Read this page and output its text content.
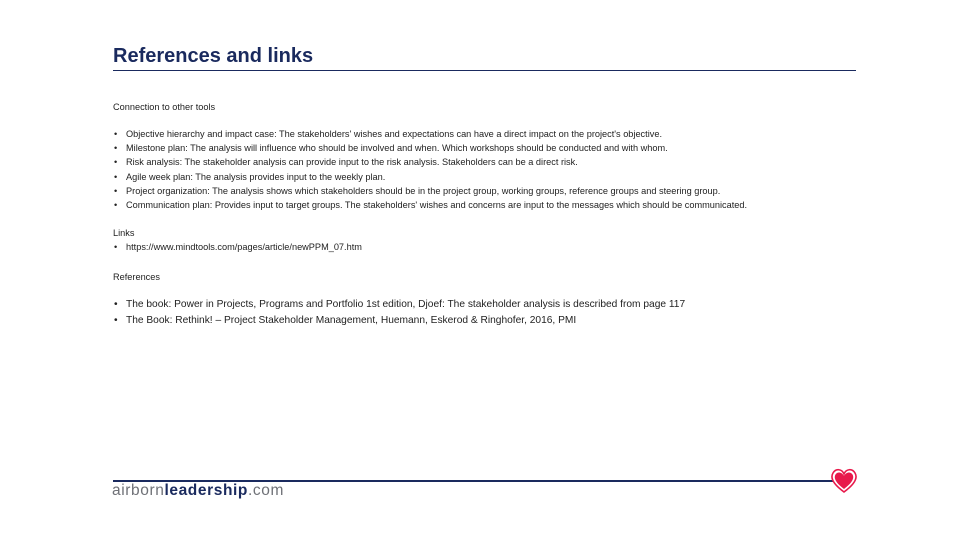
References and links
Connection to other tools
• Objective hierarchy and impact case: The stakeholders' wishes and expectations can have a direct impact on the project's objective.
• Milestone plan: The analysis will influence who should be involved and when. Which workshops should be conducted and with whom.
• Risk analysis: The stakeholder analysis can provide input to the risk analysis. Stakeholders can be a direct risk.
• Agile week plan: The analysis provides input to the weekly plan.
• Project organization: The analysis shows which stakeholders should be in the project group, working groups, reference groups and steering group.
• Communication plan: Provides input to target groups. The stakeholders' wishes and concerns are input to the messages which should be communicated.
Links
• https://www.mindtools.com/pages/article/newPPM_07.htm
References
• The book: Power in Projects, Programs and Portfolio 1st edition, Djoef: The stakeholder analysis is described from page 117
• The Book: Rethink! – Project Stakeholder Management, Huemann, Eskerod & Ringhofer, 2016, PMI
airbornleadership.com
